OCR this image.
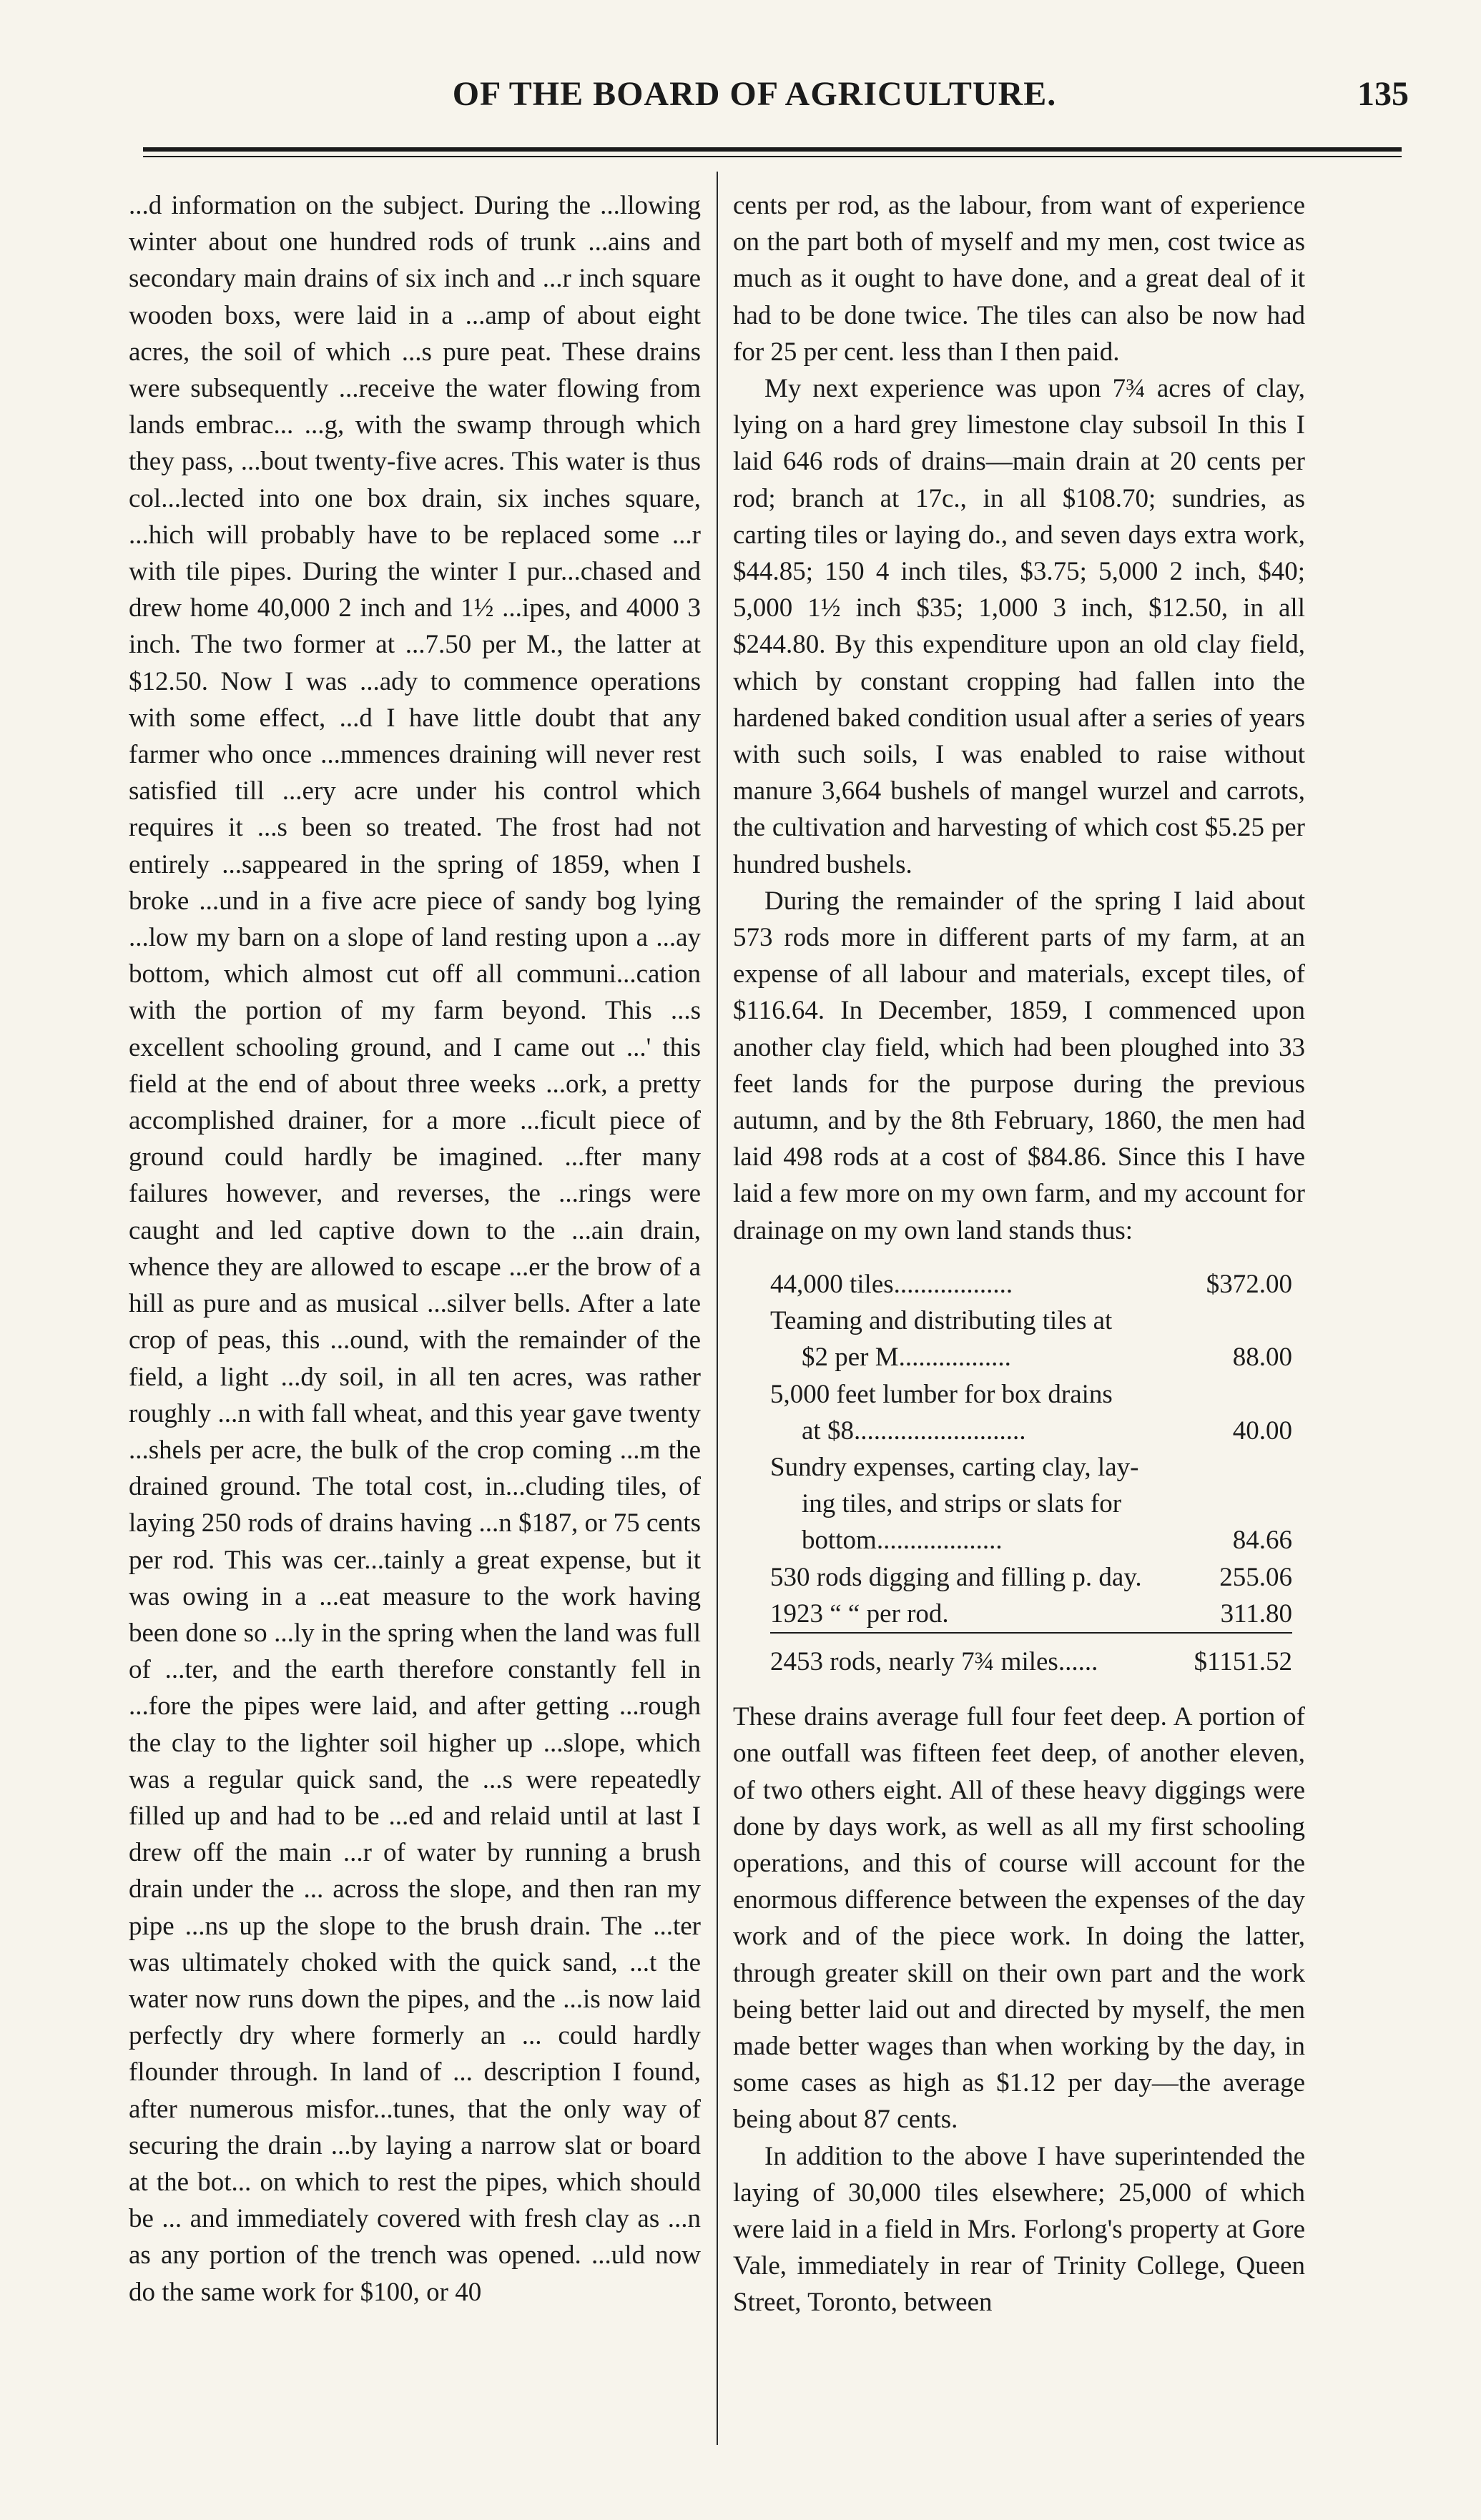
OF THE BOARD OF AGRICULTURE.	135

...d information on the subject. During the ...llowing winter about one hundred rods of trunk ...ains and secondary main drains of six inch and ...r inch square wooden boxs, were laid in a ...amp of about eight acres, the soil of which ...s pure peat. These drains were subsequently ...receive the water flowing from lands embrac... ...g, with the swamp through which they pass, ...bout twenty-five acres. This water is thus col...lected into one box drain, six inches square, ...hich will probably have to be replaced some ...r with tile pipes. During the winter I pur...chased and drew home 40,000 2 inch and 1½ ...ipes, and 4000 3 inch. The two former at ...7.50 per M., the latter at $12.50. Now I was ...ady to commence operations with some effect, ...d I have little doubt that any farmer who once ...mmences draining will never rest satisfied till ...ery acre under his control which requires it ...s been so treated. The frost had not entirely ...sappeared in the spring of 1859, when I broke ...und in a five acre piece of sandy bog lying ...low my barn on a slope of land resting upon a ...ay bottom, which almost cut off all communi...cation with the portion of my farm beyond. This ...s excellent schooling ground, and I came out ...' this field at the end of about three weeks ...ork, a pretty accomplished drainer, for a more ...ficult piece of ground could hardly be imagined. ...fter many failures however, and reverses, the ...rings were caught and led captive down to the ...ain drain, whence they are allowed to escape ...er the brow of a hill as pure and as musical ...silver bells. After a late crop of peas, this ...ound, with the remainder of the field, a light ...dy soil, in all ten acres, was rather roughly ...n with fall wheat, and this year gave twenty ...shels per acre, the bulk of the crop coming ...m the drained ground. The total cost, in...cluding tiles, of laying 250 rods of drains having ...n $187, or 75 cents per rod. This was cer...tainly a great expense, but it was owing in a ...eat measure to the work having been done so ...ly in the spring when the land was full of ...ter, and the earth therefore constantly fell in ...fore the pipes were laid, and after getting ...rough the clay to the lighter soil higher up ...slope, which was a regular quick sand, the ...s were repeatedly filled up and had to be ...ed and relaid until at last I drew off the main ...r of water by running a brush drain under the ... across the slope, and then ran my pipe ...ns up the slope to the brush drain. The ...ter was ultimately choked with the quick sand, ...t the water now runs down the pipes, and the ...is now laid perfectly dry where formerly an ... could hardly flounder through. In land of ... description I found, after numerous misfor...tunes, that the only way of securing the drain ...by laying a narrow slat or board at the bot... on which to rest the pipes, which should be ... and immediately covered with fresh clay as ...n as any portion of the trench was opened. ...uld now do the same work for $100, or 40

cents per rod, as the labour, from want of experience on the part both of myself and my men, cost twice as much as it ought to have done, and a great deal of it had to be done twice. The tiles can also be now had for 25 per cent. less than I then paid.

My next experience was upon 7¾ acres of clay, lying on a hard grey limestone clay subsoil In this I laid 646 rods of drains—main drain at 20 cents per rod; branch at 17c., in all $108.70; sundries, as carting tiles or laying do., and seven days extra work, $44.85; 150 4 inch tiles, $3.75; 5,000 2 inch, $40; 5,000 1½ inch $35; 1,000 3 inch, $12.50, in all $244.80. By this expenditure upon an old clay field, which by constant cropping had fallen into the hardened baked condition usual after a series of years with such soils, I was enabled to raise without manure 3,664 bushels of mangel wurzel and carrots, the cultivation and harvesting of which cost $5.25 per hundred bushels.

During the remainder of the spring I laid about 573 rods more in different parts of my farm, at an expense of all labour and materials, except tiles, of $116.64. In December, 1859, I commenced upon another clay field, which had been ploughed into 33 feet lands for the purpose during the previous autumn, and by the 8th February, 1860, the men had laid 498 rods at a cost of $84.86. Since this I have laid a few more on my own farm, and my account for drainage on my own land stands thus:

44,000 tiles..................	$372.00
Teaming and distributing tiles at	
$2 per M.................	88.00
5,000 feet lumber for box drains	
at $8..........................	40.00
Sundry expenses, carting clay, lay-	
ing tiles, and strips or slats for	
bottom...................	84.66
530 rods digging and filling p. day.	255.06
1923 “ “ per rod.	311.80

2453 rods, nearly 7¾ miles......	$1151.52

These drains average full four feet deep. A portion of one outfall was fifteen feet deep, of another eleven, of two others eight. All of these heavy diggings were done by days work, as well as all my first schooling operations, and this of course will account for the enormous difference between the expenses of the day work and of the piece work. In doing the latter, through greater skill on their own part and the work being better laid out and directed by myself, the men made better wages than when working by the day, in some cases as high as $1.12 per day—the average being about 87 cents.

In addition to the above I have superintended the laying of 30,000 tiles elsewhere; 25,000 of which were laid in a field in Mrs. Forlong's property at Gore Vale, immediately in rear of Trinity College, Queen Street, Toronto, between
